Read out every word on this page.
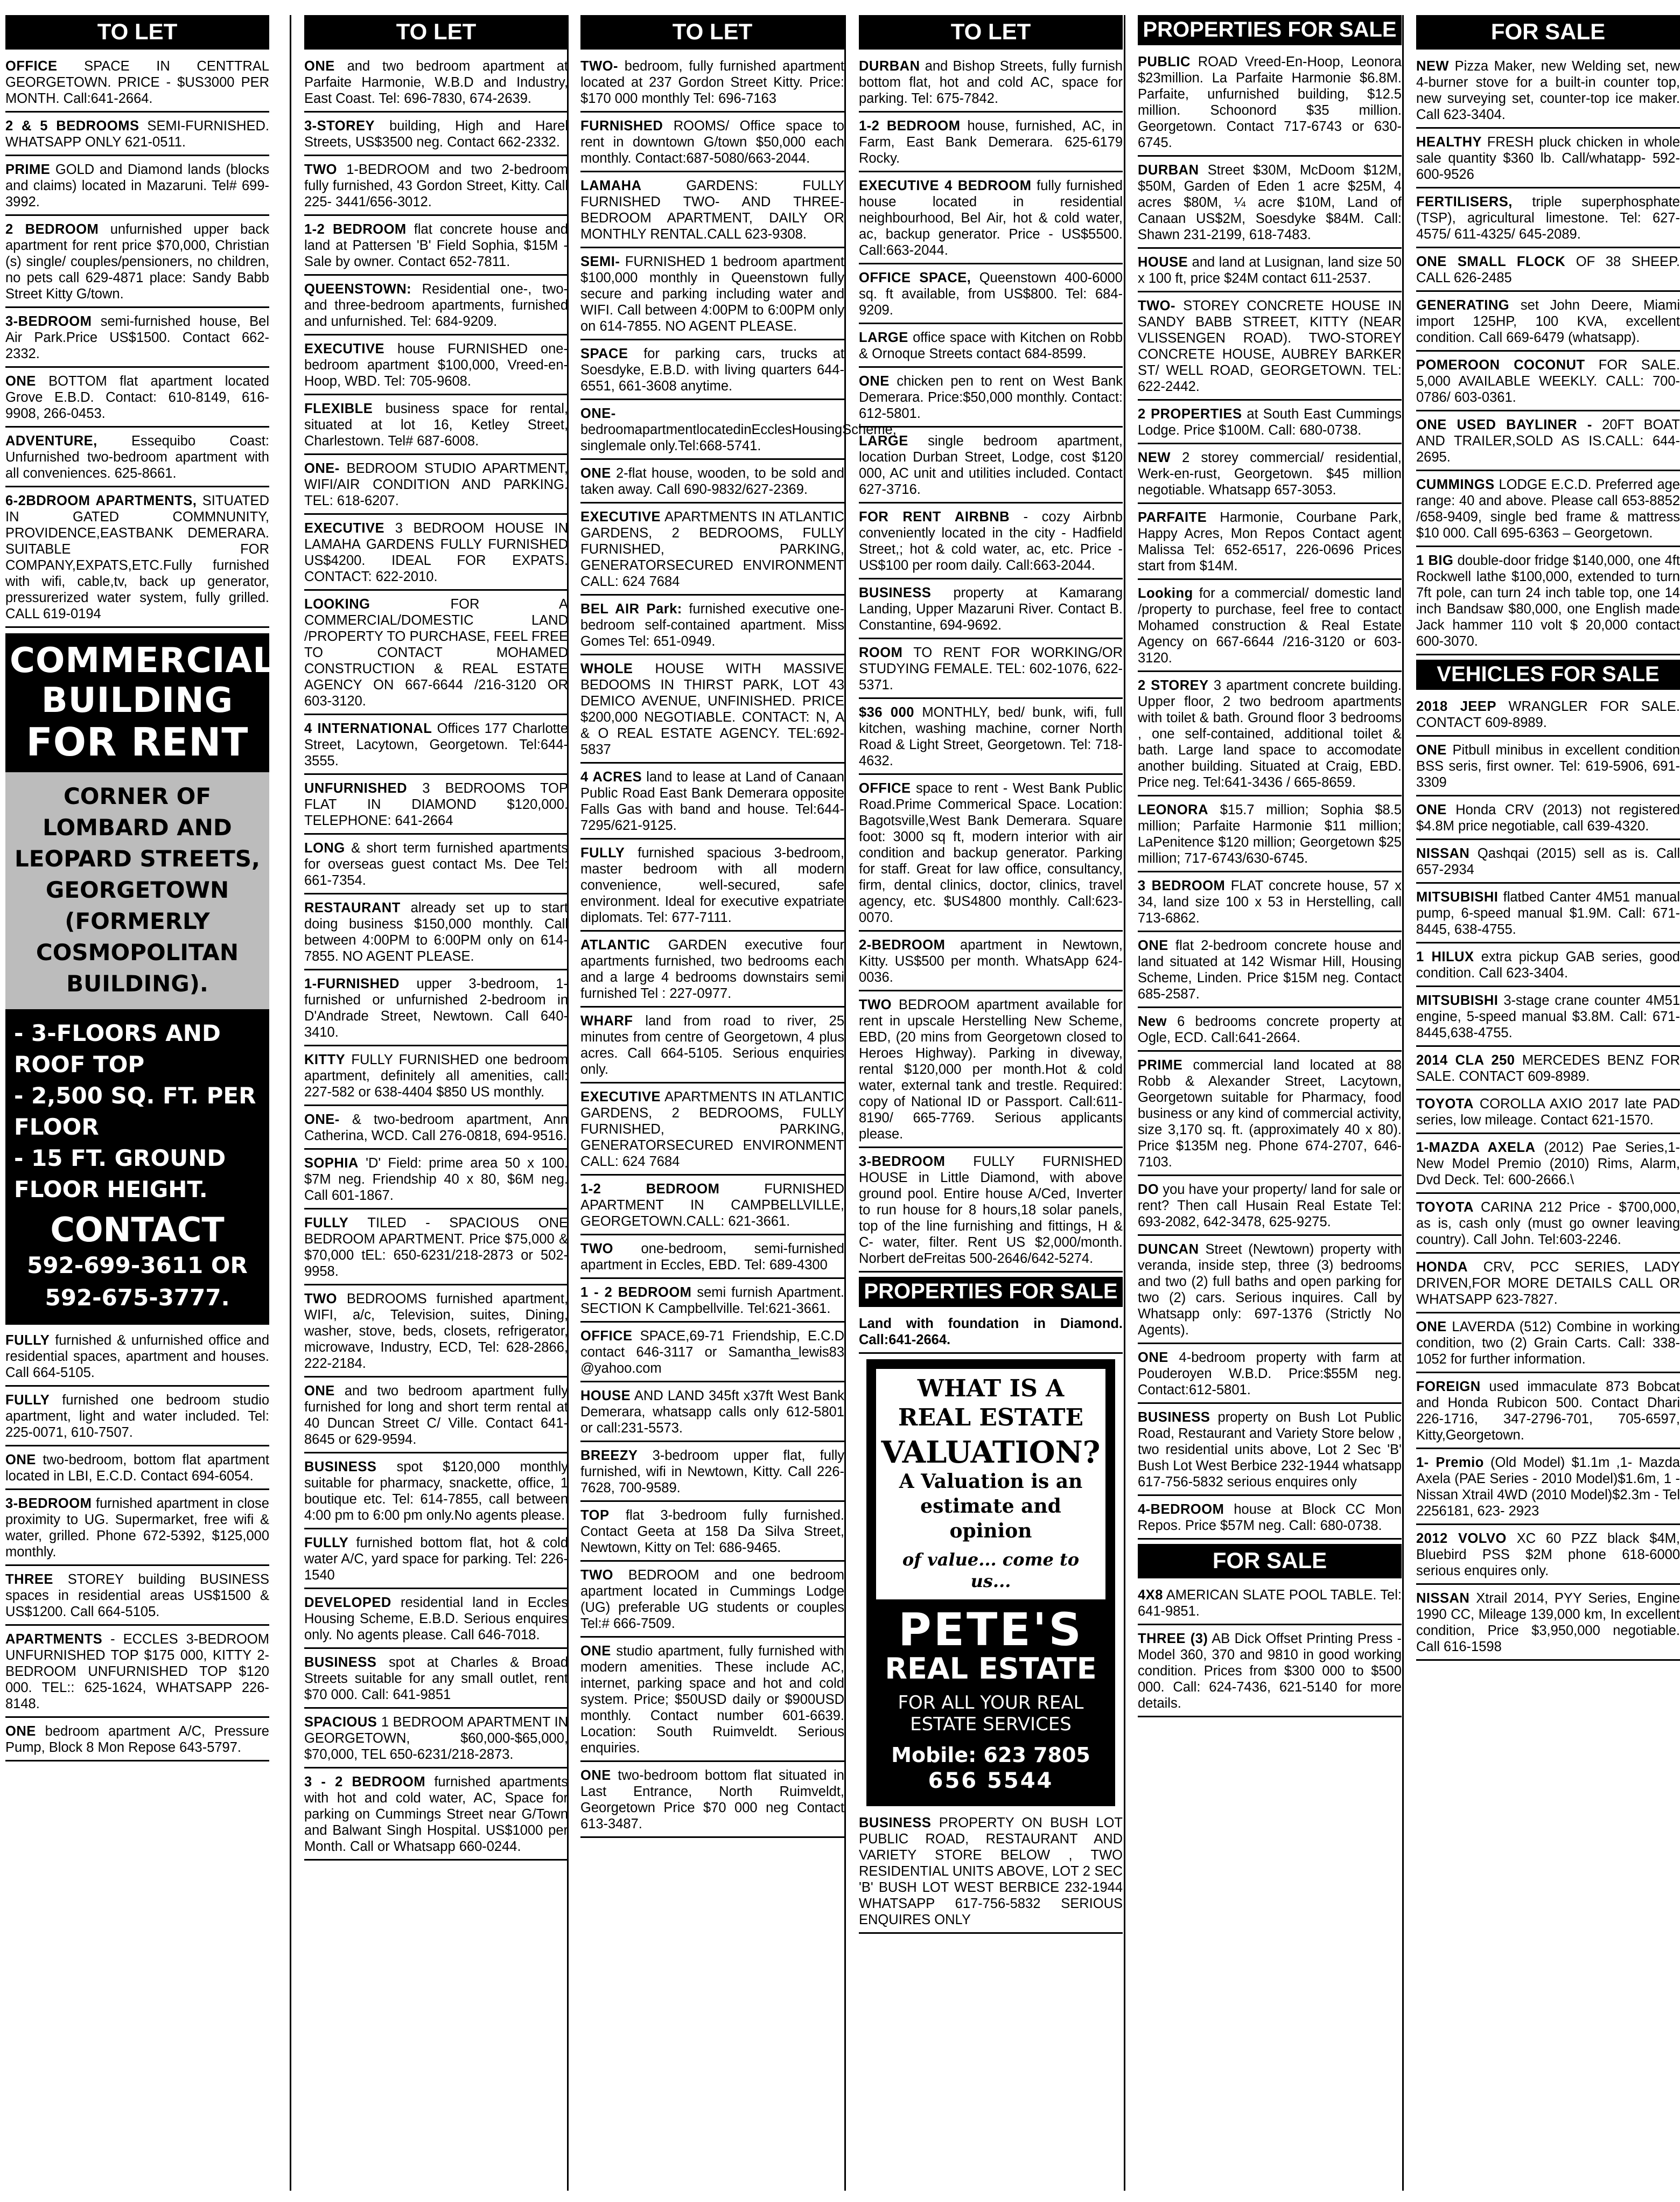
TO LET
OFFICE SPACE IN CENTTRAL GEORGETOWN. PRICE - $US3000 PER MONTH. Call:641-2664.
2 & 5 BEDROOMS SEMI-FURNISHED. WHATSAPP ONLY 621-0511.
PRIME GOLD and Diamond lands (blocks and claims) located in Mazaruni. Tel# 699-3992.
2 BEDROOM unfurnished upper back apartment for rent price $70,000, Christian (s) single/ couples/pensioners, no children, no pets call 629-4871 place: Sandy Babb Street Kitty G/town.
3-BEDROOM semi-furnished house, Bel Air Park.Price US$1500. Contact 662-2332.
ONE BOTTOM flat apartment located Grove E.B.D. Contact: 610-8149, 616-9908, 266-0453.
ADVENTURE, Essequibo Coast: Unfurnished two-bedroom apartment with all conveniences. 625-8661.
6-2BDROOM APARTMENTS, SITUATED IN GATED COMMNUNITY, PROVIDENCE,EASTBANK DEMERARA. SUITABLE FOR COMPANY,EXPATS,ETC.Fully furnished with wifi, cable,tv, back up generator, pressurerized water system, fully grilled. CALL 619-0194
COMMERCIAL
BUILDING
FOR RENT
CORNER OF LOMBARD AND LEOPARD STREETS, GEORGETOWN (FORMERLY COSMOPOLITAN BUILDING).
- 3-FLOORS AND ROOF TOP
- 2,500 SQ. FT. PER FLOOR
- 15 FT. GROUND FLOOR HEIGHT.
CONTACT
592-699-3611 OR
592-675-3777.
FULLY furnished & unfurnished office and residential spaces, apartment and houses. Call 664-5105.
FULLY furnished one bedroom studio apartment, light and water included. Tel: 225-0071, 610-7507.
ONE two-bedroom, bottom flat apartment located in LBI, E.C.D. Contact 694-6054.
3-BEDROOM furnished apartment in close proximity to UG. Supermarket, free wifi & water, grilled. Phone 672-5392, $125,000 monthly.
THREE STOREY building BUSINESS spaces in residential areas US$1500 & US$1200. Call 664-5105.
APARTMENTS - ECCLES 3-BEDROOM UNFURNISHED TOP $175 000, KITTY 2-BEDROOM UNFURNISHED TOP $120 000. TEL:: 625-1624, WHATSAPP 226-8148.
ONE bedroom apartment A/C, Pressure Pump, Block 8 Mon Repose 643-5797.
TO LET
ONE and two bedroom apartment at Parfaite Harmonie, W.B.D and Industry, East Coast. Tel: 696-7830, 674-2639.
3-STOREY building, High and Harel Streets, US$3500 neg. Contact 662-2332.
TWO 1-BEDROOM and two 2-bedroom fully furnished, 43 Gordon Street, Kitty. Call 225- 3441/656-3012.
1-2 BEDROOM flat concrete house and land at Pattersen 'B' Field Sophia, $15M - Sale by owner. Contact 652-7811.
QUEENSTOWN: Residential one-, two- and three-bedroom apartments, furnished and unfurnished. Tel: 684-9209.
EXECUTIVE house FURNISHED one-bedroom apartment $100,000, Vreed-en-Hoop, WBD. Tel: 705-9608.
FLEXIBLE business space for rental, situated at lot 16, Ketley Street, Charlestown. Tel# 687-6008.
ONE- BEDROOM STUDIO APARTMENT, WIFI/AIR CONDITION AND PARKING. TEL: 618-6207.
EXECUTIVE 3 BEDROOM HOUSE IN LAMAHA GARDENS FULLY FURNISHED US$4200. IDEAL FOR EXPATS. CONTACT: 622-2010.
LOOKING	FOR A COMMERCIAL/DOMESTIC LAND /PROPERTY TO PURCHASE, FEEL FREE TO CONTACT MOHAMED CONSTRUCTION & REAL ESTATE AGENCY ON 667-6644 /216-3120 OR 603-3120.
4 INTERNATIONAL Offices 177 Charlotte Street, Lacytown, Georgetown. Tel:644-3555.
UNFURNISHED 3 BEDROOMS TOP FLAT IN DIAMOND $120,000. TELEPHONE: 641-2664
LONG & short term furnished apartments for overseas guest contact Ms. Dee Tel: 661-7354.
RESTAURANT already set up to start doing business $150,000 monthly. Call between 4:00PM to 6:00PM only on 614-7855. NO AGENT PLEASE.
1-FURNISHED upper 3-bedroom, 1-furnished or unfurnished 2-bedroom in D'Andrade Street, Newtown. Call 640-3410.
KITTY FULLY FURNISHED one bedroom apartment, definitely all amenities, call: 227-582 or 638-4404 $850 US monthly.
ONE- & two-bedroom apartment, Ann Catherina, WCD. Call 276-0818, 694-9516.
SOPHIA 'D' Field: prime area 50 x 100. $7M neg. Friendship 40 x 80, $6M neg. Call 601-1867.
FULLY TILED - SPACIOUS ONE BEDROOM APARTMENT. Price $75,000 & $70,000 tEL: 650-6231/218-2873 or 502-9958.
TWO BEDROOMS furnished apartment, WIFI, a/c, Television, suites, Dining, washer, stove, beds, closets, refrigerator, microwave, Industry, ECD, Tel: 628-2866, 222-2184.
ONE and two bedroom apartment fully furnished for long and short term rental at 40 Duncan Street C/ Ville. Contact 641-8645 or 629-9594.
BUSINESS spot $120,000 monthly suitable for pharmacy, snackette, office, 1 boutique etc. Tel: 614-7855, call between 4:00 pm to 6:00 pm only.No agents please.
FULLY furnished bottom flat, hot & cold water A/C, yard space for parking. Tel: 226-1540
DEVELOPED residential land in Eccles Housing Scheme, E.B.D. Serious enquires only. No agents please. Call 646-7018.
BUSINESS spot at Charles & Broad Streets suitable for any small outlet, rent $70 000. Call: 641-9851
SPACIOUS 1 BEDROOM APARTMENT IN GEORGETOWN, $60,000-$65,000, $70,000, TEL 650-6231/218-2873.
3 - 2 BEDROOM furnished apartments with hot and cold water, AC, Space for parking on Cummings Street near G/Town and Balwant Singh Hospital. US$1000 per Month. Call or Whatsapp 660-0244.
TO LET
TWO- bedroom, fully furnished apartment located at 237 Gordon Street Kitty. Price: $170 000 monthly Tel: 696-7163
FURNISHED ROOMS/ Office space to rent in downtown G/town $50,000 each monthly. Contact:687-5080/663-2044.
LAMAHA	GARDENS: FULLY FURNISHED TWO- AND THREE-BEDROOM APARTMENT, DAILY OR MONTHLY RENTAL.CALL 623-9308.
SEMI- FURNISHED 1 bedroom apartment $100,000 monthly in Queenstown fully secure and parking including water and WIFI. Call between 4:00PM to 6:00PM only on 614-7855. NO AGENT PLEASE.
SPACE for parking cars, trucks at Soesdyke, E.B.D. with living quarters 644-6551, 661-3608 anytime.
ONE- bedroomapartmentlocatedinEcclesHousingScheme, singlemale only.Tel:668-5741.
ONE 2-flat house, wooden, to be sold and taken away. Call 690-9832/627-2369.
EXECUTIVE APARTMENTS IN ATLANTIC GARDENS, 2 BEDROOMS, FULLY FURNISHED, PARKING, GENERATORSECURED ENVIRONMENT CALL: 624 7684
BEL AIR Park: furnished executive one-bedroom self-contained apartment. Miss Gomes Tel: 651-0949.
WHOLE HOUSE WITH MASSIVE BEDOOMS IN THIRST PARK, LOT 43 DEMICO AVENUE, UNFINISHED. PRICE $200,000 NEGOTIABLE. CONTACT: N, A & O REAL ESTATE AGENCY. TEL:692-5837
4 ACRES land to lease at Land of Canaan Public Road East Bank Demerara opposite Falls Gas with band and house. Tel:644-7295/621-9125.
FULLY furnished spacious 3-bedroom, master bedroom with all modern convenience, well-secured, safe environment. Ideal for executive expatriate diplomats. Tel: 677-7111.
ATLANTIC GARDEN executive four apartments furnished, two bedrooms each and a large 4 bedrooms downstairs semi furnished Tel : 227-0977.
WHARF land from road to river, 25 minutes from centre of Georgetown, 4 plus acres. Call 664-5105. Serious enquiries only.
EXECUTIVE APARTMENTS IN ATLANTIC GARDENS, 2 BEDROOMS, FULLY FURNISHED, PARKING, GENERATORSECURED ENVIRONMENT CALL: 624 7684
1-2 BEDROOM	FURNISHED APARTMENT IN CAMPBELLVILLE, GEORGETOWN.CALL: 621-3661.
TWO one-bedroom, semi-furnished apartment in Eccles, EBD. Tel: 689-4300
1 - 2 BEDROOM semi furnish Apartment. SECTION K Campbellville. Tel:621-3661.
OFFICE SPACE,69-71 Friendship, E.C.D contact 646-3117 or Samantha_lewis83 @yahoo.com
HOUSE AND LAND 345ft x37ft West Bank Demerara, whatsapp calls only 612-5801 or call:231-5573.
BREEZY 3-bedroom upper flat, fully furnished, wifi in Newtown, Kitty. Call 226-7628, 700-9589.
TOP flat 3-bedroom fully furnished. Contact Geeta at 158 Da Silva Street, Newtown, Kitty on Tel: 686-9465.
TWO BEDROOM and one bedroom apartment located in Cummings Lodge (UG) preferable UG students or couples Tel:# 666-7509.
ONE studio apartment, fully furnished with modern amenities. These include AC, internet, parking space and hot and cold system. Price; $50USD daily or $900USD monthly. Contact number 601-6639. Location: South Ruimveldt. Serious enquiries.
ONE two-bedroom bottom flat situated in Last Entrance, North Ruimveldt, Georgetown Price $70 000 neg Contact 613-3487.
TO LET
DURBAN and Bishop Streets, fully furnish bottom flat, hot and cold AC, space for parking. Tel: 675-7842.
1-2 BEDROOM house, furnished, AC, in Farm, East Bank Demerara. 625-6179 Rocky.
EXECUTIVE 4 BEDROOM fully furnished house located in residential neighbourhood, Bel Air, hot & cold water, ac, backup generator. Price - US$5500. Call:663-2044.
OFFICE SPACE, Queenstown 400-6000 sq. ft available, from US$800. Tel: 684-9209.
LARGE office space with Kitchen on Robb & Ornoque Streets contact 684-8599.
ONE chicken pen to rent on West Bank Demerara. Price:$50,000 monthly. Contact: 612-5801.
LARGE single bedroom apartment, location Durban Street, Lodge, cost $120 000, AC unit and utilities included. Contact 627-3716.
FOR RENT AIRBNB - cozy Airbnb conveniently located in the city - Hadfield Street,; hot & cold water, ac, etc. Price - US$100 per room daily. Call:663-2044.
BUSINESS property at Kamarang Landing, Upper Mazaruni River. Contact B. Constantine, 694-9692.
ROOM TO RENT FOR WORKING/OR STUDYING FEMALE. TEL: 602-1076, 622-5371.
$36 000 MONTHLY, bed/ bunk, wifi, full kitchen, washing machine, corner North Road & Light Street, Georgetown. Tel: 718-4632.
OFFICE space to rent - West Bank Public Road.Prime Commerical Space. Location: Bagotsville,West Bank Demerara. Square foot: 3000 sq ft, modern interior with air condition and backup generator. Parking for staff. Great for law office, consultancy, firm, dental clinics, doctor, clinics, travel agency, etc. $US4800 monthly. Call:623-0070.
2-BEDROOM apartment in Newtown, Kitty. US$500 per month. WhatsApp 624-0036.
TWO BEDROOM apartment available for rent in upscale Herstelling New Scheme, EBD, (20 mins from Georgetown closed to Heroes Highway). Parking in diveway, rental $120,000 per month.Hot & cold water, external tank and trestle. Required: copy of National ID or Passport. Call:611-8190/ 665-7769. Serious applicants please.
3-BEDROOM FULLY FURNISHED HOUSE in Little Diamond, with above ground pool. Entire house A/Ced, Inverter to run house for 8 hours,18 solar panels, top of the line furnishing and fittings, H & C- water, filter. Rent US $2,000/month. Norbert deFreitas 500-2646/642-5274.
PROPERTIES FOR SALE
Land with foundation in Diamond. Call:641-2664.
WHAT IS A REAL ESTATE
VALUATION?
A Valuation is an estimate and opinion
of value... come to us...
PETE'S
REAL ESTATE
FOR ALL YOUR REAL ESTATE SERVICES
Mobile: 623 7805
656 5544
BUSINESS PROPERTY ON BUSH LOT PUBLIC ROAD, RESTAURANT AND VARIETY STORE BELOW , TWO RESIDENTIAL UNITS ABOVE, LOT 2 SEC 'B' BUSH LOT WEST BERBICE 232-1944 WHATSAPP 617-756-5832 SERIOUS ENQUIRES ONLY
PROPERTIES FOR SALE
PUBLIC ROAD Vreed-En-Hoop, Leonora $23million. La Parfaite Harmonie $6.8M. Parfaite, unfurnished building, $12.5 million. Schoonord $35 million. Georgetown. Contact 717-6743 or 630-6745.
DURBAN Street $30M, McDoom $12M, $50M, Garden of Eden 1 acre $25M, 4 acres $80M, ¼ acre $10M, Land of Canaan US$2M, Soesdyke $84M. Call: Shawn 231-2199, 618-7483.
HOUSE and land at Lusignan, land size 50 x 100 ft, price $24M contact 611-2537.
TWO- STOREY CONCRETE HOUSE IN SANDY BABB STREET, KITTY (NEAR VLISSENGEN ROAD). TWO-STOREY CONCRETE HOUSE, AUBREY BARKER ST/ WELL ROAD, GEORGETOWN. TEL: 622-2442.
2 PROPERTIES at South East Cummings Lodge. Price $100M. Call: 680-0738.
NEW 2 storey commercial/ residential, Werk-en-rust, Georgetown. $45 million negotiable. Whatsapp 657-3053.
PARFAITE Harmonie, Courbane Park, Happy Acres, Mon Repos Contact agent Malissa Tel: 652-6517, 226-0696 Prices start from $14M.
Looking for a commercial/ domestic land /property to purchase, feel free to contact Mohamed construction & Real Estate Agency on 667-6644 /216-3120 or 603-3120.
2 STOREY 3 apartment concrete building. Upper floor, 2 two bedroom apartments with toilet & bath. Ground floor 3 bedrooms , one self-contained, additional toilet & bath. Large land space to accomodate another building. Situated at Craig, EBD. Price neg. Tel:641-3436 / 665-8659.
LEONORA $15.7 million; Sophia $8.5 million; Parfaite Harmonie $11 million; LaPenitence $120 million; Georgetown $25 million; 717-6743/630-6745.
3 BEDROOM FLAT concrete house, 57 x 34, land size 100 x 53 in Herstelling, call 713-6862.
ONE flat 2-bedroom concrete house and land situated at 142 Wismar Hill, Housing Scheme, Linden. Price $15M neg. Contact 685-2587.
New 6 bedrooms concrete property at Ogle, ECD. Call:641-2664.
PRIME commercial land located at 88 Robb & Alexander Street, Lacytown, Georgetown suitable for Pharmacy, food business or any kind of commercial activity, size 3,170 sq. ft. (approximately 40 x 80). Price $135M neg. Phone 674-2707, 646-7103.
DO you have your property/ land for sale or rent? Then call Husain Real Estate Tel: 693-2082, 642-3478, 625-9275.
DUNCAN Street (Newtown) property with veranda, inside step, three (3) bedrooms and two (2) full baths and open parking for two (2) cars. Serious inquires. Call by Whatsapp only: 697-1376 (Strictly No Agents).
ONE 4-bedroom property with farm at Pouderoyen W.B.D. Price:$55M neg. Contact:612-5801.
BUSINESS property on Bush Lot Public Road, Restaurant and Variety Store below , two residential units above, Lot 2 Sec 'B' Bush Lot West Berbice 232-1944 whatsapp 617-756-5832 serious enquires only
4-BEDROOM house at Block CC Mon Repos. Price $57M neg. Call: 680-0738.
FOR SALE
4X8 AMERICAN SLATE POOL TABLE. Tel: 641-9851.
THREE (3) AB Dick Offset Printing Press - Model 360, 370 and 9810 in good working condition. Prices from $300 000 to $500 000. Call: 624-7436, 621-5140 for more details.
FOR SALE
NEW Pizza Maker, new Welding set, new 4-burner stove for a built-in counter top, new surveying set, counter-top ice maker. Call 623-3404.
HEALTHY FRESH pluck chicken in whole sale quantity $360 lb. Call/whatapp- 592-600-9526
FERTILISERS, triple superphosphate (TSP), agricultural limestone. Tel: 627-4575/ 611-4325/ 645-2089.
ONE SMALL FLOCK OF 38 SHEEP. CALL 626-2485
GENERATING set John Deere, Miami import 125HP, 100 KVA, excellent condition. Call 669-6479 (whatsapp).
POMEROON COCONUT FOR SALE. 5,000 AVAILABLE WEEKLY. CALL: 700-0786/ 603-0361.
ONE USED BAYLINER - 20FT BOAT AND TRAILER,SOLD AS IS.CALL: 644-2695.
CUMMINGS LODGE E.C.D. Preferred age range: 40 and above. Please call 653-8852 /658-9409, single bed frame & mattress $10 000. Call 695-6363 – Georgetown.
1 BIG double-door fridge $140,000, one 4ft Rockwell lathe $100,000, extended to turn 7ft pole, can turn 24 inch table top, one 14 inch Bandsaw $80,000, one English made Jack hammer 110 volt $ 20,000 contact 600-3070.
VEHICLES FOR SALE
2018 JEEP WRANGLER FOR SALE. CONTACT 609-8989.
ONE Pitbull minibus in excellent condition BSS seris, first owner. Tel: 619-5906, 691-3309
ONE Honda CRV (2013) not registered $4.8M price negotiable, call 639-4320.
NISSAN Qashqai (2015) sell as is. Call 657-2934
MITSUBISHI flatbed Canter 4M51 manual pump, 6-speed manual $1.9M. Call: 671-8445, 638-4755.
1 HILUX extra pickup GAB series, good condition. Call 623-3404.
MITSUBISHI 3-stage crane counter 4M51 engine, 5-speed manual $3.8M. Call: 671-8445,638-4755.
2014 CLA 250 MERCEDES BENZ FOR SALE. CONTACT 609-8989.
TOYOTA COROLLA AXIO 2017 late PAD series, low mileage. Contact 621-1570.
1-MAZDA AXELA (2012) Pae Series,1- New Model Premio (2010) Rims, Alarm, Dvd Deck. Tel: 600-2666.\
TOYOTA CARINA 212 Price - $700,000, as is, cash only (must go owner leaving country). Call John. Tel:603-2246.
HONDA CRV, PCC SERIES, LADY DRIVEN,FOR MORE DETAILS CALL OR WHATSAPP 623-7827.
ONE LAVERDA (512) Combine in working condition, two (2) Grain Carts. Call: 338-1052 for further information.
FOREIGN used immaculate 873 Bobcat and Honda Rubicon 500. Contact Dhari 226-1716, 347-2796-701, 705-6597, Kitty,Georgetown.
1- Premio (Old Model) $1.1m ,1- Mazda Axela (PAE Series - 2010 Model)$1.6m, 1 - Nissan Xtrail 4WD (2010 Model)$2.3m - Tel 2256181, 623- 2923
2012 VOLVO XC 60 PZZ black $4M, Bluebird PSS $2M phone 618-6000 serious enquires only.
NISSAN Xtrail 2014, PYY Series, Engine 1990 CC, Mileage 139,000 km, In excellent condition, Price $3,950,000 negotiable. Call 616-1598
